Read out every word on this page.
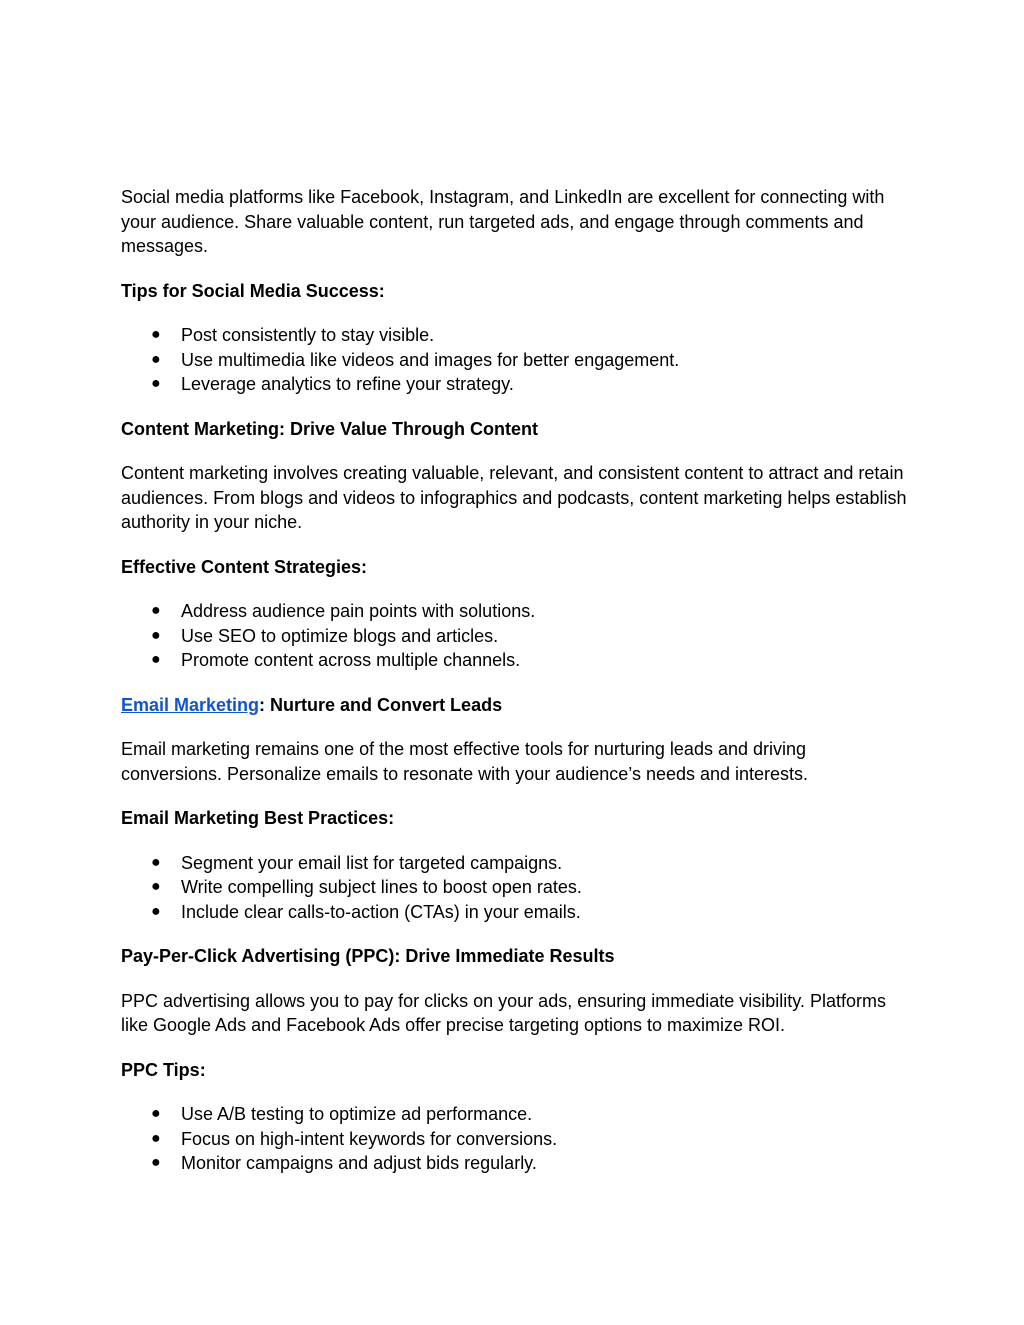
Social media platforms like Facebook, Instagram, and LinkedIn are excellent for connecting with your audience. Share valuable content, run targeted ads, and engage through comments and messages.

Tips for Social Media Success:

● Post consistently to stay visible.
● Use multimedia like videos and images for better engagement.
● Leverage analytics to refine your strategy.

Content Marketing: Drive Value Through Content

Content marketing involves creating valuable, relevant, and consistent content to attract and retain audiences. From blogs and videos to infographics and podcasts, content marketing helps establish authority in your niche.

Effective Content Strategies:

● Address audience pain points with solutions.
● Use SEO to optimize blogs and articles.
● Promote content across multiple channels.

Email Marketing: Nurture and Convert Leads

Email marketing remains one of the most effective tools for nurturing leads and driving conversions. Personalize emails to resonate with your audience’s needs and interests.

Email Marketing Best Practices:

● Segment your email list for targeted campaigns.
● Write compelling subject lines to boost open rates.
● Include clear calls-to-action (CTAs) in your emails.

Pay-Per-Click Advertising (PPC): Drive Immediate Results

PPC advertising allows you to pay for clicks on your ads, ensuring immediate visibility. Platforms like Google Ads and Facebook Ads offer precise targeting options to maximize ROI.

PPC Tips:

● Use A/B testing to optimize ad performance.
● Focus on high-intent keywords for conversions.
● Monitor campaigns and adjust bids regularly.
